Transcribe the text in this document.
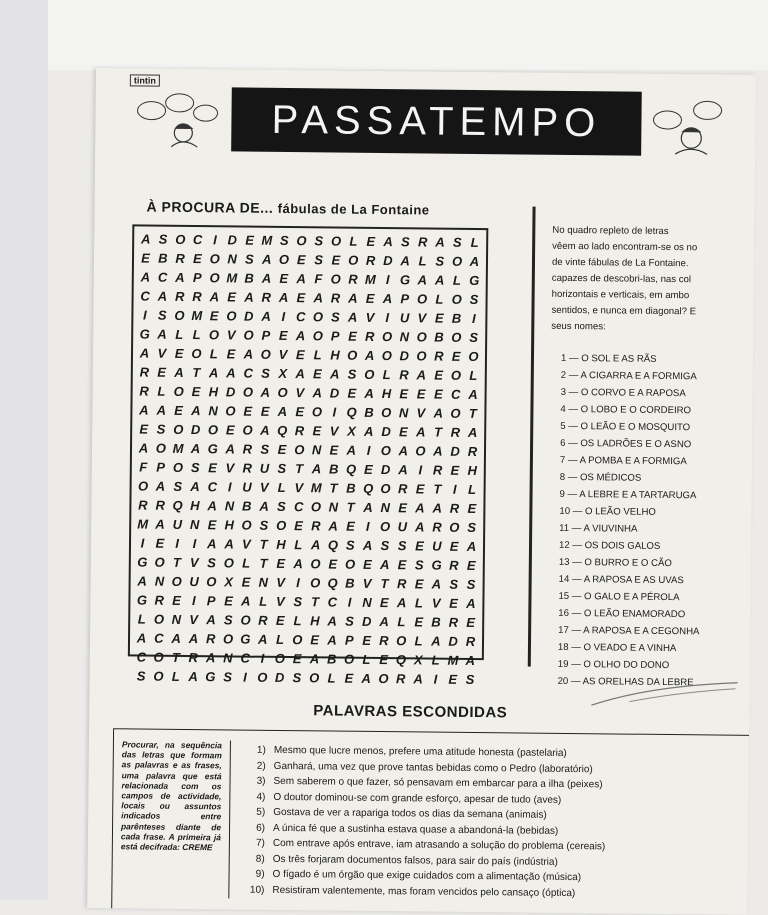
tintin
PASSATEMPO
À PROCURA DE... fábulas de La Fontaine
A S O C I D E M S O S O L E A S R A S L
E B R E O N S A O E S E O R D A L S O A
A C A P O M B A E A F O R M I G A A L G
C A R R A E A R A E A R A E A P O L O S
I S O M E O D A I C O S A V I U V E B I
G A L L O V O P E A O P E R O N O B O S
A V E O L E A O V E L H O A O D O R E O
R E A T A A C S X A E A S O L R A E O L
R L O E H D O A O V A D E A H E E E C A
A A E A N O E E A E O I Q B O N V A O T
E S O D O E O A Q R E V X A D E A T R A
A O M A G A R S E O N E A I O A O A D R
F P O S E V R U S T A B Q E D A I R E H
O A S A C I U V L V M T B Q O R E T I L
R R Q H A N B A S C O N T A N E A A R E
M A U N E H O S O E R A E I O U A R O S
I E I	I A A V T H L A Q S A S S E U E A
G O T V S O L T E A O E O E A E S G R E
A N O U O X E N V I O Q B V T R E A S S
G R E I P E A L V S T C I N E A L V E A
L O N V A S O R E L H A S D A L E B R E
A C A A R O G A L O E A P E R O L A D R
C O T R A N C I O E A B O L E Q X L M A
S O L A G S I O D S O L E A O R A I E S
No quadro repleto de letras
vêem ao lado encontram-se os no
de vinte fábulas de La Fontaine.
capazes de descobri-las, nas col
horizontais e verticais, em ambo
sentidos, e nunca em diagonal? E
seus nomes:
1 — O SOL E AS RÃS
2 — A CIGARRA E A FORMIGA
3 — O CORVO E A RAPOSA
4 — O LOBO E O CORDEIRO
5 — O LEÃO E O MOSQUITO
6 — OS LADRÕES E O ASNO
7 — A POMBA E A FORMIGA
8 — OS MÉDICOS
9 — A LEBRE E A TARTARUGA
10 — O LEÃO VELHO
11 — A VIUVINHA
12 — OS DOIS GALOS
13 — O BURRO E O CÃO
14 — A RAPOSA E AS UVAS
15 — O GALO E A PÉROLA
16 — O LEÃO ENAMORADO
17 — A RAPOSA E A CEGONHA
18 — O VEADO E A VINHA
19 — O OLHO DO DONO
20 — AS ORELHAS DA LEBRE
PALAVRAS ESCONDIDAS
Procurar, na sequência das letras que formam as palavras e as frases, uma palavra que está relacionada com os campos de actividade, locais ou assuntos indicados entre parênteses diante de cada frase. A primeira já está decifrada: CREME
1) Mesmo que lucre menos, prefere uma atitude honesta (pastelaria)
2) Ganhará, uma vez que prove tantas bebidas como o Pedro (laboratório)
3) Sem saberem o que fazer, só pensavam em embarcar para a ilha (peixes)
4) O doutor dominou-se com grande esforço, apesar de tudo (aves)
5) Gostava de ver a rapariga todos os dias da semana (animais)
6) A única fé que a sustinha estava quase a abandoná-la (bebidas)
7) Com entrave após entrave, iam atrasando a solução do problema (cereais)
8) Os três forjaram documentos falsos, para sair do país (indústria)
9) O fígado é um órgão que exige cuidados com a alimentação (música)
10) Resistiram valentemente, mas foram vencidos pelo cansaço (óptica)
